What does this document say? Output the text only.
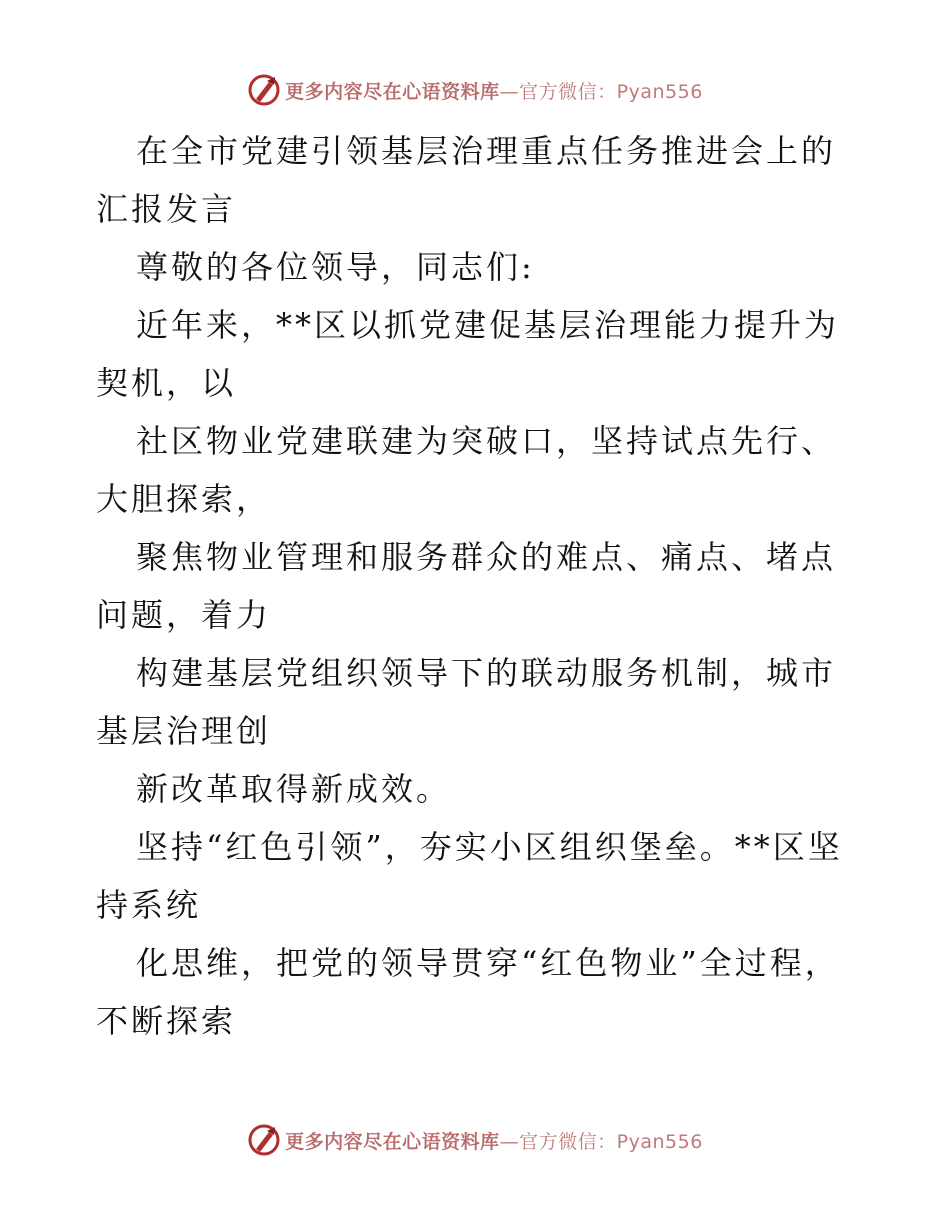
更多内容尽在心语资料库—官方微信：Pyan556

在全市党建引领基层治理重点任务推进会上的汇报发言

尊敬的各位领导，同志们:

近年来，**区以抓党建促基层治理能力提升为契机，以

社区物业党建联建为突破口，坚持试点先行、大胆探索，

聚焦物业管理和服务群众的难点、痛点、堵点问题，着力

构建基层党组织领导下的联动服务机制，城市基层治理创

新改革取得新成效。

坚持“红色引领”，夯实小区组织堡垒。**区坚持系统

化思维，把党的领导贯穿“红色物业”全过程，不断探索

更多内容尽在心语资料库—官方微信：Pyan556
